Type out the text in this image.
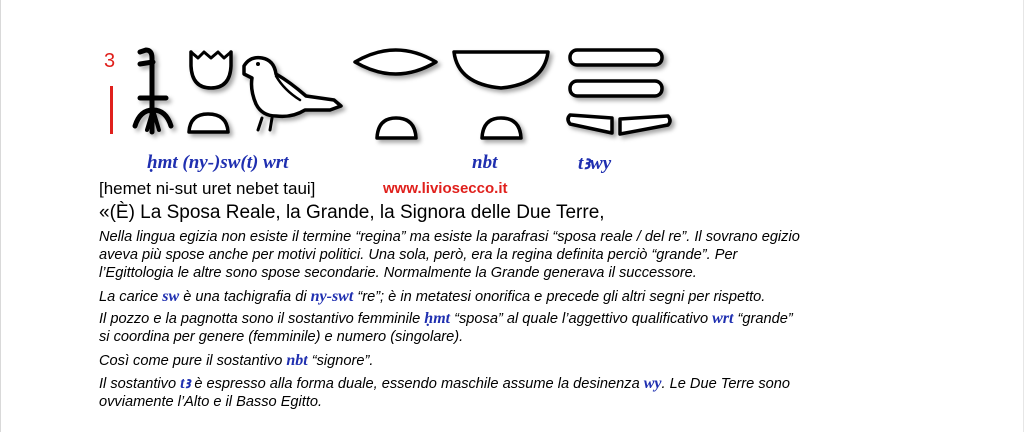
3
ḥmt (ny-)sw(t) wrt	nbt	tꜣwy
[hemet ni-sut uret nebet taui]	www.liviosecco.it
«(È) La Sposa Reale, la Grande, la Signora delle Due Terre,
Nella lingua egizia non esiste il termine “regina” ma esiste la parafrasi “sposa reale / del re”. Il sovrano egizio
aveva più spose anche per motivi politici. Una sola, però, era la regina definita perciò “grande”. Per
l’Egittologia le altre sono spose secondarie. Normalmente la Grande generava il successore.
La carice sw è una tachigrafia di ny-swt “re”; è in metatesi onorifica e precede gli altri segni per rispetto.
Il pozzo e la pagnotta sono il sostantivo femminile ḥmt “sposa” al quale l’aggettivo qualificativo wrt “grande”
si coordina per genere (femminile) e numero (singolare).
Così come pure il sostantivo nbt “signore”.
Il sostantivo tꜣ è espresso alla forma duale, essendo maschile assume la desinenza wy. Le Due Terre sono
ovviamente l’Alto e il Basso Egitto.
